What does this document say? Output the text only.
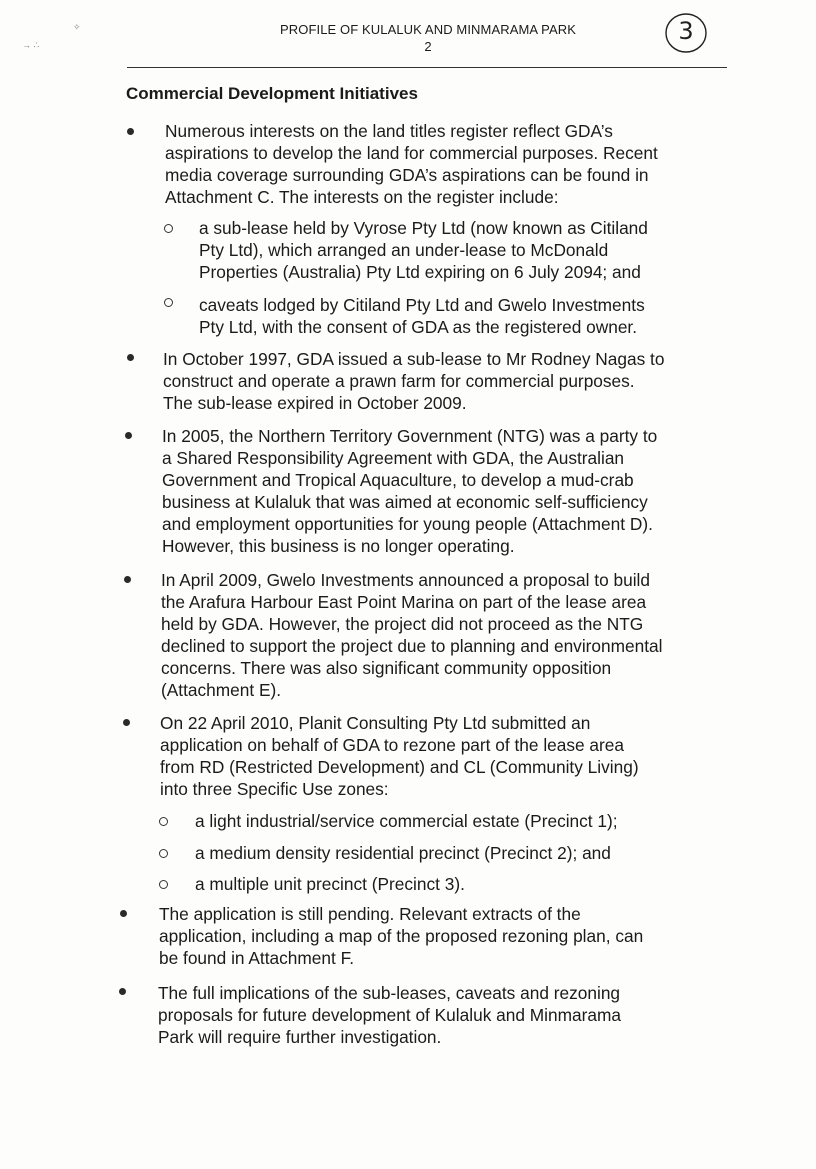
✧
→ ∴
PROFILE OF KULALUK AND MINMARAMA PARK
2
3
Commercial Development Initiatives
Numerous interests on the land titles register reflect GDA’s
aspirations to develop the land for commercial purposes. Recent
media coverage surrounding GDA’s aspirations can be found in
Attachment C. The interests on the register include:
a sub-lease held by Vyrose Pty Ltd (now known as Citiland
Pty Ltd), which arranged an under-lease to McDonald
Properties (Australia) Pty Ltd expiring on 6 July 2094; and
caveats lodged by Citiland Pty Ltd and Gwelo Investments
Pty Ltd, with the consent of GDA as the registered owner.
In October 1997, GDA issued a sub-lease to Mr Rodney Nagas to
construct and operate a prawn farm for commercial purposes.
The sub-lease expired in October 2009.
In 2005, the Northern Territory Government (NTG) was a party to
a Shared Responsibility Agreement with GDA, the Australian
Government and Tropical Aquaculture, to develop a mud-crab
business at Kulaluk that was aimed at economic self-sufficiency
and employment opportunities for young people (Attachment D).
However, this business is no longer operating.
In April 2009, Gwelo Investments announced a proposal to build
the Arafura Harbour East Point Marina on part of the lease area
held by GDA. However, the project did not proceed as the NTG
declined to support the project due to planning and environmental
concerns. There was also significant community opposition
(Attachment E).
On 22 April 2010, Planit Consulting Pty Ltd submitted an
application on behalf of GDA to rezone part of the lease area
from RD (Restricted Development) and CL (Community Living)
into three Specific Use zones:
a light industrial/service commercial estate (Precinct 1);
a medium density residential precinct (Precinct 2); and
a multiple unit precinct (Precinct 3).
The application is still pending. Relevant extracts of the
application, including a map of the proposed rezoning plan, can
be found in Attachment F.
The full implications of the sub-leases, caveats and rezoning
proposals for future development of Kulaluk and Minmarama
Park will require further investigation.
